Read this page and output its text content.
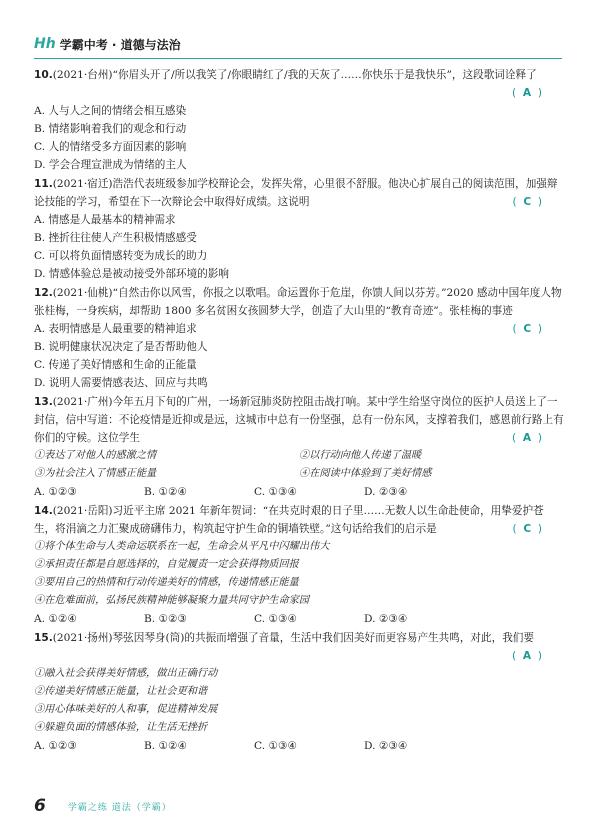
Hh 学霸中考 · 道德与法治
10.(2021·台州)“你眉头开了/所以我笑了/你眼睛红了/我的天灰了……你快乐于是我快乐”，这段歌词诠释了
( A )
A. 人与人之间的情绪会相互感染
B. 情绪影响着我们的观念和行动
C. 人的情绪受多方面因素的影响
D. 学会合理宣泄成为情绪的主人
11.(2021·宿迁)浩浩代表班级参加学校辩论会，发挥失常，心里很不舒服。他决心扩展自己的阅读范围，加强辩论技能的学习，希望在下一次辩论会中取得好成绩。这说明	(  C  )
A. 情感是人最基本的精神需求
B. 挫折往往使人产生积极情感感受
C. 可以将负面情感转变为成长的助力
D. 情感体验总是被动接受外部环境的影响
12.(2021·仙桃)“自然击你以风雪，你报之以歌唱。命运置你于危崖，你馈人间以芬芳。”2020 感动中国年度人物张桂梅，一身疾病，却帮助 1800 多名贫困女孩圆梦大学，创造了大山里的“教育奇迹”。张桂梅的事迹
(  C  )
A. 表明情感是人最重要的精神追求
B. 说明健康状况决定了是否帮助他人
C. 传递了美好情感和生命的正能量
D. 说明人需要情感表达、回应与共鸣
13.(2021·广州)今年五月下旬的广州，一场新冠肺炎防控阻击战打响。某中学生给坚守岗位的医护人员送上了一封信，信中写道：不论疫情是近抑或是远，这城市中总有一份坚强，总有一份东风，支撑着我们，感恩前行路上有你们的守候。这位学生	(  A  )
①表达了对他人的感激之情	②以行动向他人传递了温暖
③为社会注入了情感正能量	④在阅读中体验到了美好情感
A. ①②③	B. ①②④	C. ①③④	D. ②③④
14.(2021·岳阳)习近平主席 2021 年新年贺词：“在共克时艰的日子里……无数人以生命赴使命，用挚爱护苍生，将涓滴之力汇聚成磅礴伟力，构筑起守护生命的铜墙铁壁。”这句话给我们的启示是	(  C  )
①将个体生命与人类命运联系在一起，生命会从平凡中闪耀出伟大
②承担责任都是自愿选择的，自觉履责一定会获得物质回报
③要用自己的热情和行动传递美好的情感，传递情感正能量
④在危难面前，弘扬民族精神能够凝聚力量共同守护生命家园
A. ①②④	B. ①②③	C. ①③④	D. ②③④
15.(2021·扬州)琴弦因琴身(筒)的共振而增强了音量，生活中我们因美好而更容易产生共鸣，对此，我们要
( A )
①融入社会获得美好情感，做出正确行动
②传递美好情感正能量，让社会更和谐
③用心体味美好的人和事，促进精神发展
④躲避负面的情感体验，让生活无挫折
A. ①②③	B. ①②④	C. ①③④	D. ②③④
6 学霸之练 道法（学霸）
